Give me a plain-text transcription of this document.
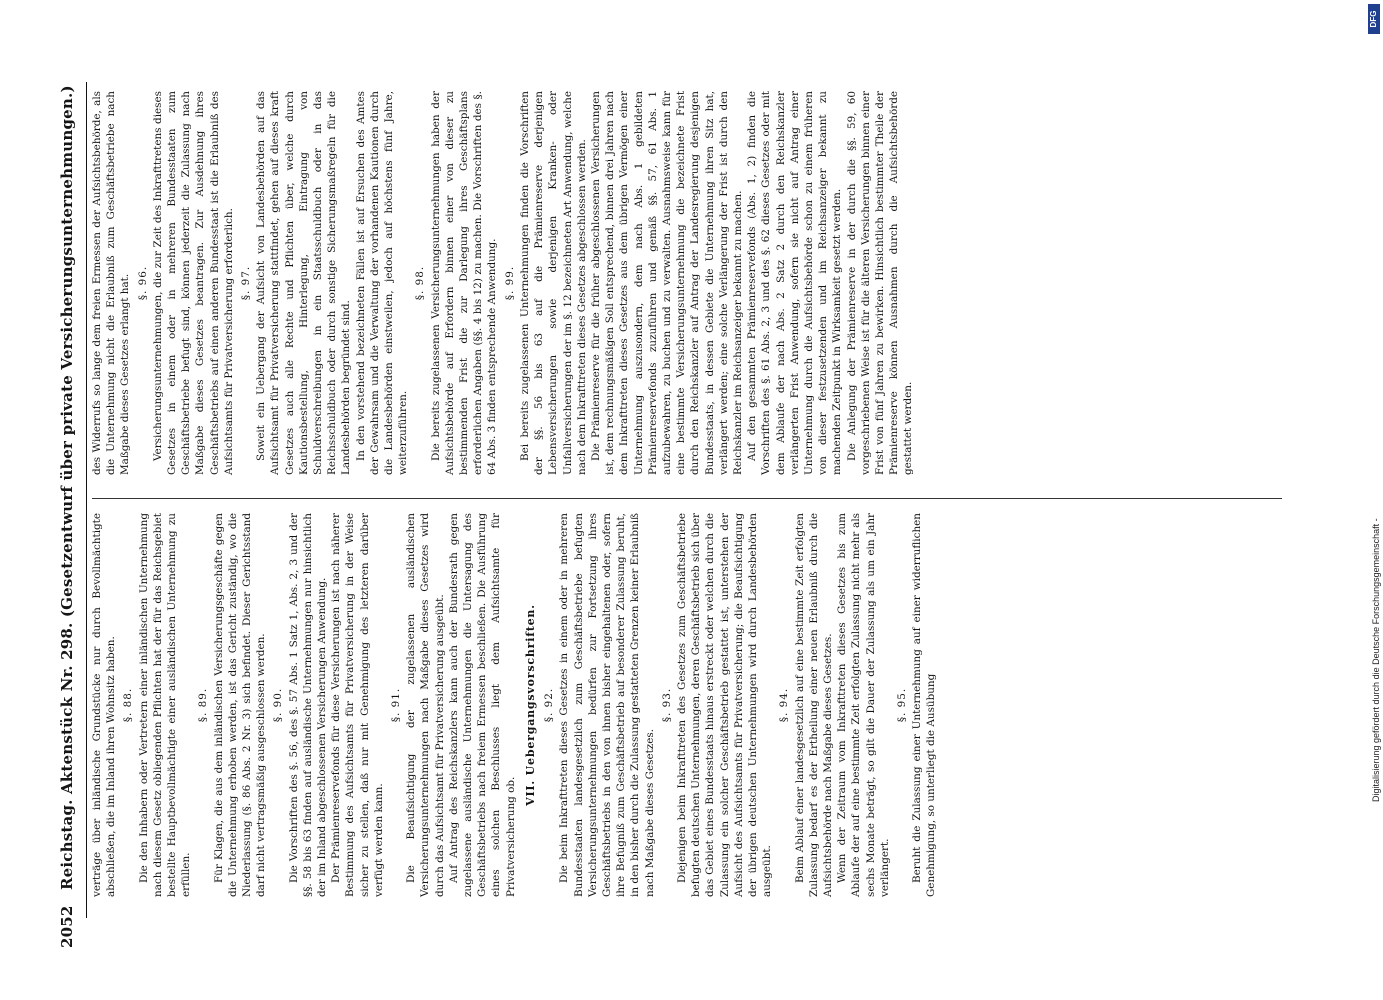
2052
Reichstag. Aktenstück Nr. 298. (Gesetzentwurf über private Versicherungsunternehmungen.) verträge über inländische Grundstücke nur durch Bevollmächtigte abschließen, die im Inland ihren Wohnsitz haben. §. 88. Die den Inhabern oder Vertretern einer inländischen Unternehmung nach diesem Gesetz obliegenden Pflichten hat der für das Reichsgebiet bestellte Hauptbevollmächtigte einer ausländischen Unternehmung zu erfüllen.

§. 89. Für Klagen, die aus dem inländischen Versicherungsgeschäfte gegen die Unternehmung erhoben werden, ist das Gericht zuständig, wo die Niederlassung (§. 86 Abs. 2 Nr. 3) sich befindet. Dieser Gerichtsstand darf nicht vertragsmäßig ausgeschlossen werden. §. 90. Die Vorschriften des §. 56, des §. 57 Abs. 1 Satz 1, Abs. 2, 3 und der §§. 58 bis 63 finden auf ausländische Unternehmungen nur hinsichtlich der im Inland abgeschlossenen Versicherungen Anwendung. Der Prämienreservefonds für diese Versicherungen ist nach näherer Bestimmung des Aufsichtsamts für Privatversicherung in der Weise sicher zu stellen, daß nur mit Genehmigung des letzteren darüber verfügt werden kann.

§. 91. Die Beaufsichtigung der zugelassenen ausländischen Versicherungsunternehmungen nach Maßgabe dieses Gesetzes wird durch das Aufsichtsamt für Privatversicherung ausgeübt. Auf Antrag des Reichskanzlers kann auch der Bundesrath gegen zugelassene ausländische Unternehmungen die Untersagung des Geschäftsbetriebs nach freiem Ermessen beschließen. Die Ausführung eines solchen Beschlusses liegt dem Aufsichtsamte für Privatversicherung ob.

VII. Uebergangsvorschriften. §. 92. Die beim Inkrafttreten dieses Gesetzes in einem oder in mehreren Bundesstaaten landesgesetzlich zum Geschäftsbetriebe befugten Versicherungsunternehmungen bedürfen zur Fortsetzung ihres Geschäftsbetriebs in den von ihnen bisher eingehaltenen oder, sofern ihre Befugniß zum Geschäftsbetrieb auf besonderer Zulassung beruht, in den bisher durch die Zulassung gestatteten Grenzen keiner Erlaubniß nach Maßgabe dieses Gesetzes.

§. 93. Diejenigen beim Inkrafttreten des Gesetzes zum Geschäftsbetriebe befugten deutschen Unternehmungen, deren Geschäftsbetrieb sich über das Gebiet eines Bundesstaats hinaus erstreckt oder welchen durch die Zulassung ein solcher Geschäftsbetrieb gestattet ist, unterstehen der Aufsicht des Aufsichtsamts für Privatversicherung; die Beaufsichtigung der übrigen deutschen Unternehmungen wird durch Landesbehörden ausgeübt.

§. 94. Beim Ablauf einer landesgesetzlich auf eine bestimmte Zeit erfolgten Zulassung bedarf es der Ertheilung einer neuen Erlaubniß durch die Aufsichtsbehörde nach Maßgabe dieses Gesetzes. Wenn der Zeitraum vom Inkrafttreten dieses Gesetzes bis zum Ablaufe der auf eine bestimmte Zeit erfolgten Zulassung nicht mehr als sechs Monate beträgt, so gilt die Dauer der Zulassung als um ein Jahr verlängert.

§. 95. Beruht die Zulassung einer Unternehmung auf einer widerruflichen Genehmigung, so unterliegt die Ausübung

des Widerrufs so lange dem freien Ermessen der Aufsichtsbehörde, als die Unternehmung nicht die Erlaubniß zum Geschäftsbetriebe nach Maßgabe dieses Gesetzes erlangt hat. §. 96. Versicherungsunternehmungen, die zur Zeit des Inkrafttretens dieses Gesetzes in einem oder in mehreren Bundesstaaten zum Geschäftsbetriebe befugt sind, können jederzeit die Zulassung nach Maßgabe dieses Gesetzes beantragen. Zur Ausdehnung ihres Geschäftsbetriebs auf einen anderen Bundesstaat ist die Erlaubniß des Aufsichtsamts für Privatversicherung erforderlich. §. 97. Soweit ein Uebergang der Aufsicht von Landesbehörden auf das Aufsichtsamt für Privatversicherung stattfindet, gehen auf dieses kraft Gesetzes auch alle Rechte und Pflichten über, welche durch Kautionsbestellung, Hinterlegung, Eintragung von Schuldverschreibungen in ein Staatsschuldbuch oder in das Reichsschuldbuch oder durch sonstige Sicherungsmaßregeln für die Landesbehörden begründet sind. In den vorstehend bezeichneten Fällen ist auf Ersuchen des Amtes der Gewahrsam und die Verwaltung der vorhandenen Kautionen durch die Landesbehörden einstweilen, jedoch auf höchstens fünf Jahre, weiterzuführen.

§. 98. Die bereits zugelassenen Versicherungsunternehmungen haben der Aufsichtsbehörde auf Erfordern binnen einer von dieser zu bestimmenden Frist die zur Darlegung ihres Geschäftsplans erforderlichen Angaben (§§. 4 bis 12) zu machen. Die Vorschriften des §. 64 Abs. 3 finden entsprechende Anwendung. §. 99. Bei bereits zugelassenen Unternehmungen finden die Vorschriften der §§. 56 bis 63 auf die Prämienreserve derjenigen Lebensversicherungen sowie derjenigen Kranken- oder Unfallversicherungen der im §. 12 bezeichneten Art Anwendung, welche nach dem Inkrafttreten dieses Gesetzes abgeschlossen werden. Die Prämienreserve für die früher abgeschlossenen Versicherungen ist, dem rechnungsmäßigen Soll entsprechend, binnen drei Jahren nach dem Inkrafttreten dieses Gesetzes aus dem übrigen Vermögen einer Unternehmung auszusondern, dem nach Abs. 1 gebildeten Prämienreservefonds zuzuführen und gemäß §§. 57, 61 Abs. 1 aufzubewahren, zu buchen und zu verwalten. Ausnahmsweise kann für eine bestimmte Versicherungsunternehmung die bezeichnete Frist durch den Reichskanzler auf Antrag der Landesregierung desjenigen Bundesstaats, in dessen Gebiete die Unternehmung ihren Sitz hat, verlängert werden; eine solche Verlängerung der Frist ist durch den Reichskanzler im Reichsanzeiger bekannt zu machen. Auf den gesammten Prämienreservefonds (Abs. 1, 2) finden die Vorschriften des §. 61 Abs. 2, 3 und des §. 62 dieses Gesetzes oder mit dem Ablaufe der nach Abs. 2 Satz 2 durch den Reichskanzler verlängerten Frist Anwendung, sofern sie nicht auf Antrag einer Unternehmung durch die Aufsichtsbehörde schon zu einem früheren von dieser festzusetzenden und im Reichsanzeiger bekannt zu machenden Zeitpunkt in Wirksamkeit gesetzt werden. Die Anlegung der Prämienreserve in der durch die §§. 59, 60 vorgeschriebenen Weise ist für die älteren Versicherungen binnen einer Frist von fünf Jahren zu bewirken. Hinsichtlich bestimmter Theile der Prämienreserve können Ausnahmen durch die Aufsichtsbehörde gestattet werden.

Digitalisierung gefördert durch die Deutsche Forschungsgemeinschaft -
DFG
